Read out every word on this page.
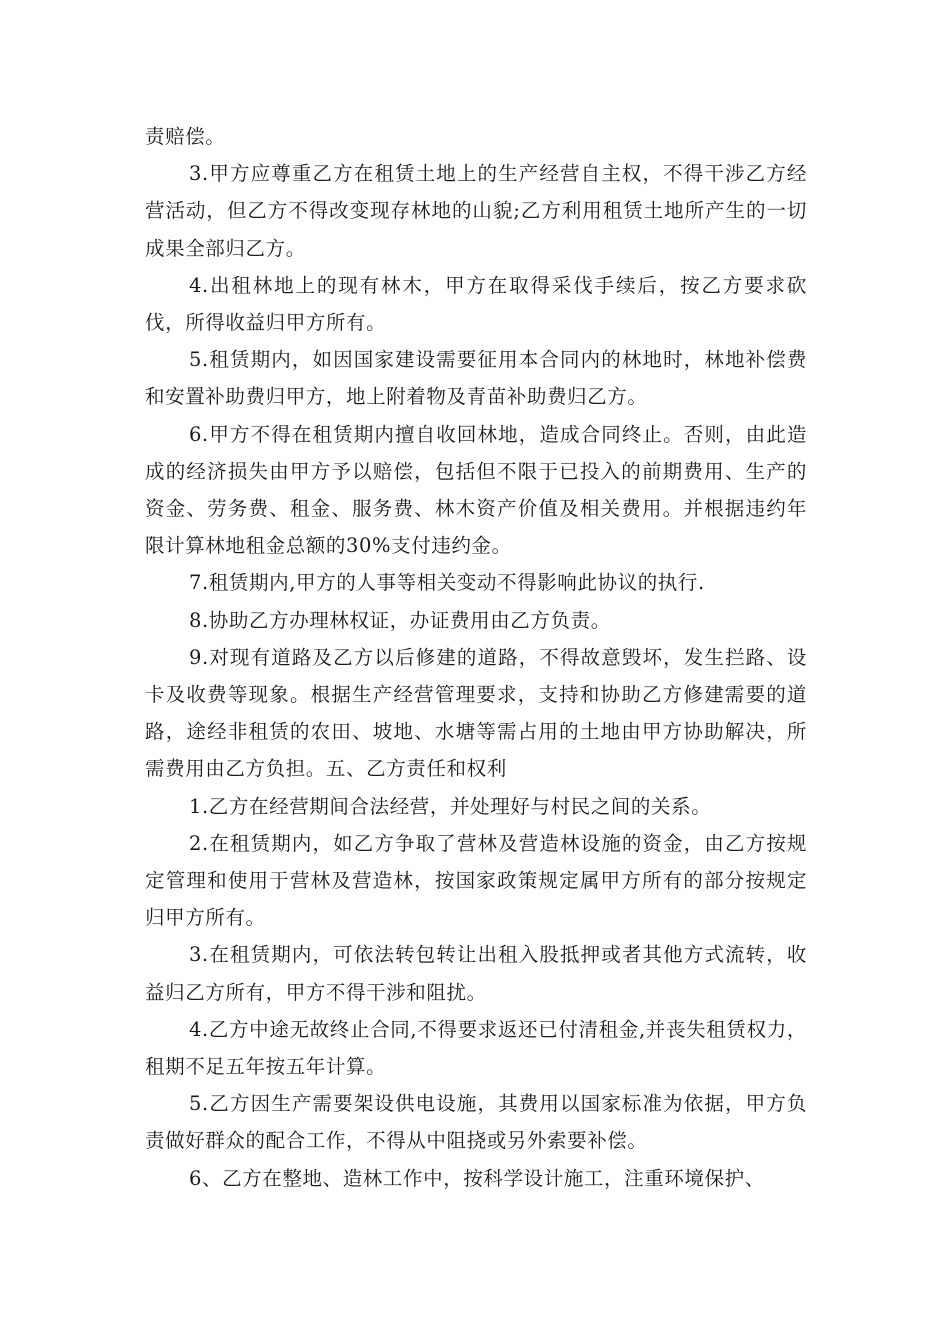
责赔偿。

3.甲方应尊重乙方在租赁土地上的生产经营自主权，不得干涉乙方经营活动，但乙方不得改变现存林地的山貌;乙方利用租赁土地所产生的一切成果全部归乙方。

4.出租林地上的现有林木，甲方在取得采伐手续后，按乙方要求砍伐，所得收益归甲方所有。

5.租赁期内，如因国家建设需要征用本合同内的林地时，林地补偿费和安置补助费归甲方，地上附着物及青苗补助费归乙方。

6.甲方不得在租赁期内擅自收回林地，造成合同终止。否则，由此造成的经济损失由甲方予以赔偿，包括但不限于已投入的前期费用、生产的资金、劳务费、租金、服务费、林木资产价值及相关费用。并根据违约年限计算林地租金总额的30%支付违约金。

7.租赁期内,甲方的人事等相关变动不得影响此协议的执行.

8.协助乙方办理林权证，办证费用由乙方负责。

9.对现有道路及乙方以后修建的道路，不得故意毁坏，发生拦路、设卡及收费等现象。根据生产经营管理要求，支持和协助乙方修建需要的道路，途经非租赁的农田、坡地、水塘等需占用的土地由甲方协助解决，所需费用由乙方负担。五、乙方责任和权利

1.乙方在经营期间合法经营，并处理好与村民之间的关系。

2.在租赁期内，如乙方争取了营林及营造林设施的资金，由乙方按规定管理和使用于营林及营造林，按国家政策规定属甲方所有的部分按规定归甲方所有。

3.在租赁期内，可依法转包转让出租入股抵押或者其他方式流转，收益归乙方所有，甲方不得干涉和阻扰。

4.乙方中途无故终止合同,不得要求返还已付清租金,并丧失租赁权力，租期不足五年按五年计算。

5.乙方因生产需要架设供电设施，其费用以国家标准为依据，甲方负责做好群众的配合工作，不得从中阻挠或另外索要补偿。

6、乙方在整地、造林工作中，按科学设计施工，注重环境保护、
